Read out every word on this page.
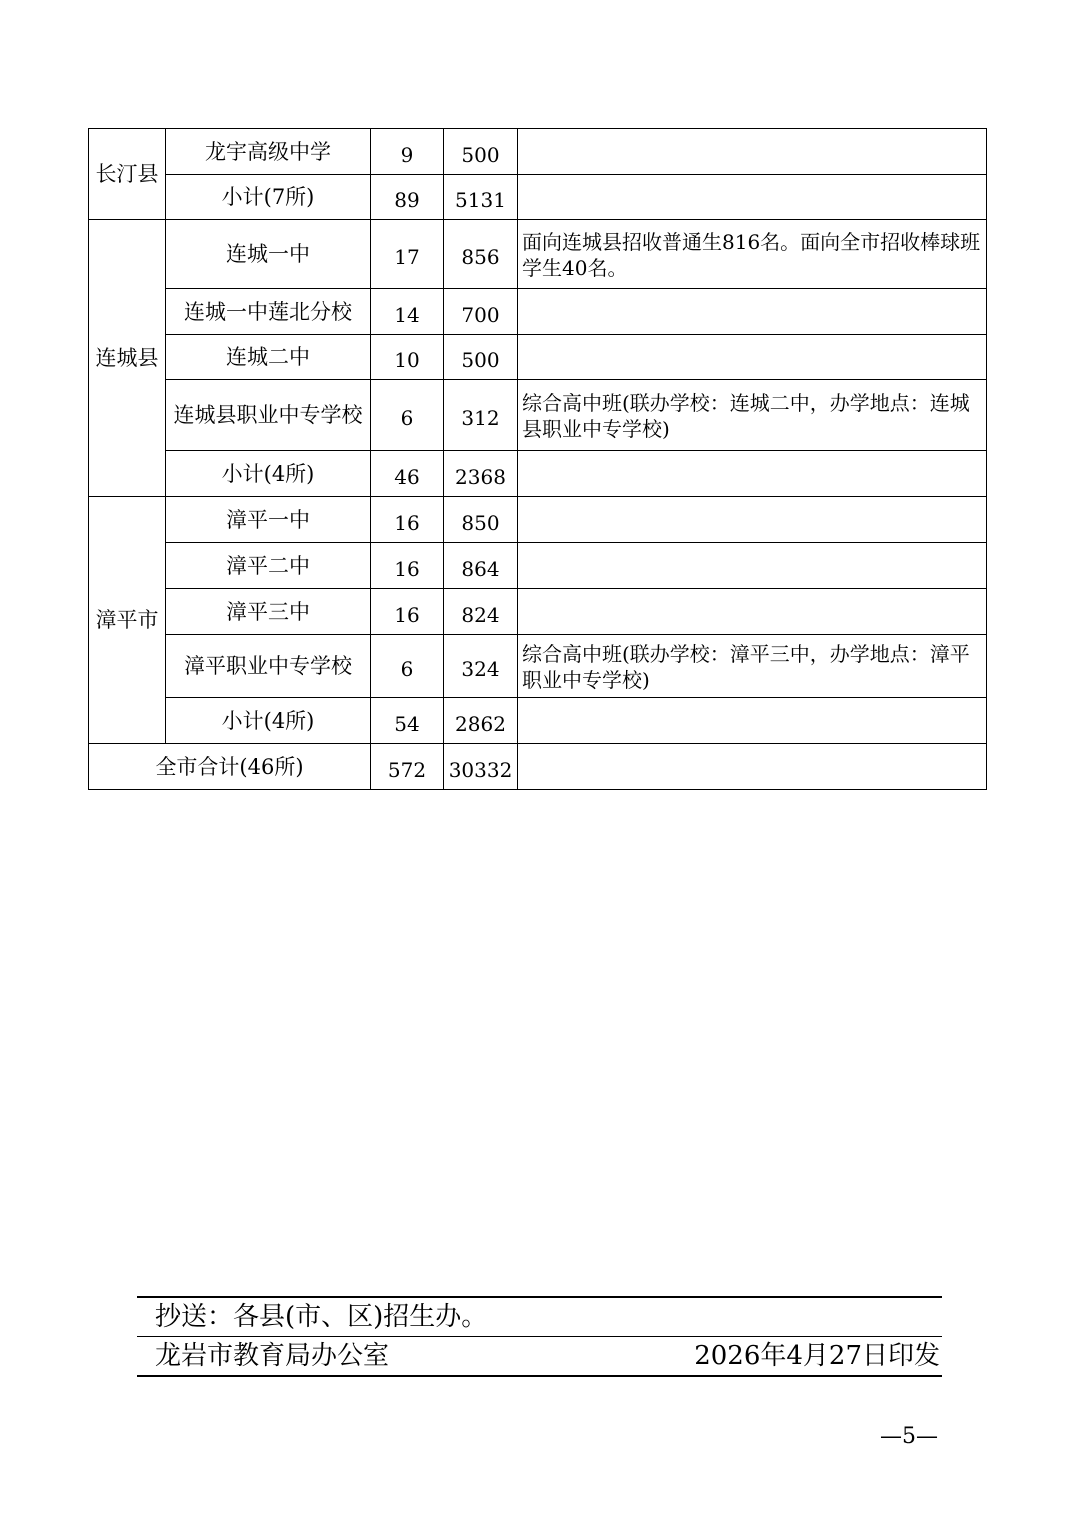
长汀县	龙宇高级中学	9	500	
	小计(7所)	89	5131	
连城县	连城一中	17	856	面向连城县招收普通生816名。面向全市招收棒球班学生40名。
	连城一中莲北分校	14	700	
	连城二中	10	500	
	连城县职业中专学校	6	312	综合高中班(联办学校：连城二中，办学地点：连城县职业中专学校)
	小计(4所)	46	2368	
漳平市	漳平一中	16	850	
	漳平二中	16	864	
	漳平三中	16	824	
	漳平职业中专学校	6	324	综合高中班(联办学校：漳平三中，办学地点：漳平职业中专学校)
	小计(4所)	54	2862	
全市合计(46所)		572	30332	
抄送：各县(市、区)招生办。
龙岩市教育局办公室	2026年4月27日印发
—5—
